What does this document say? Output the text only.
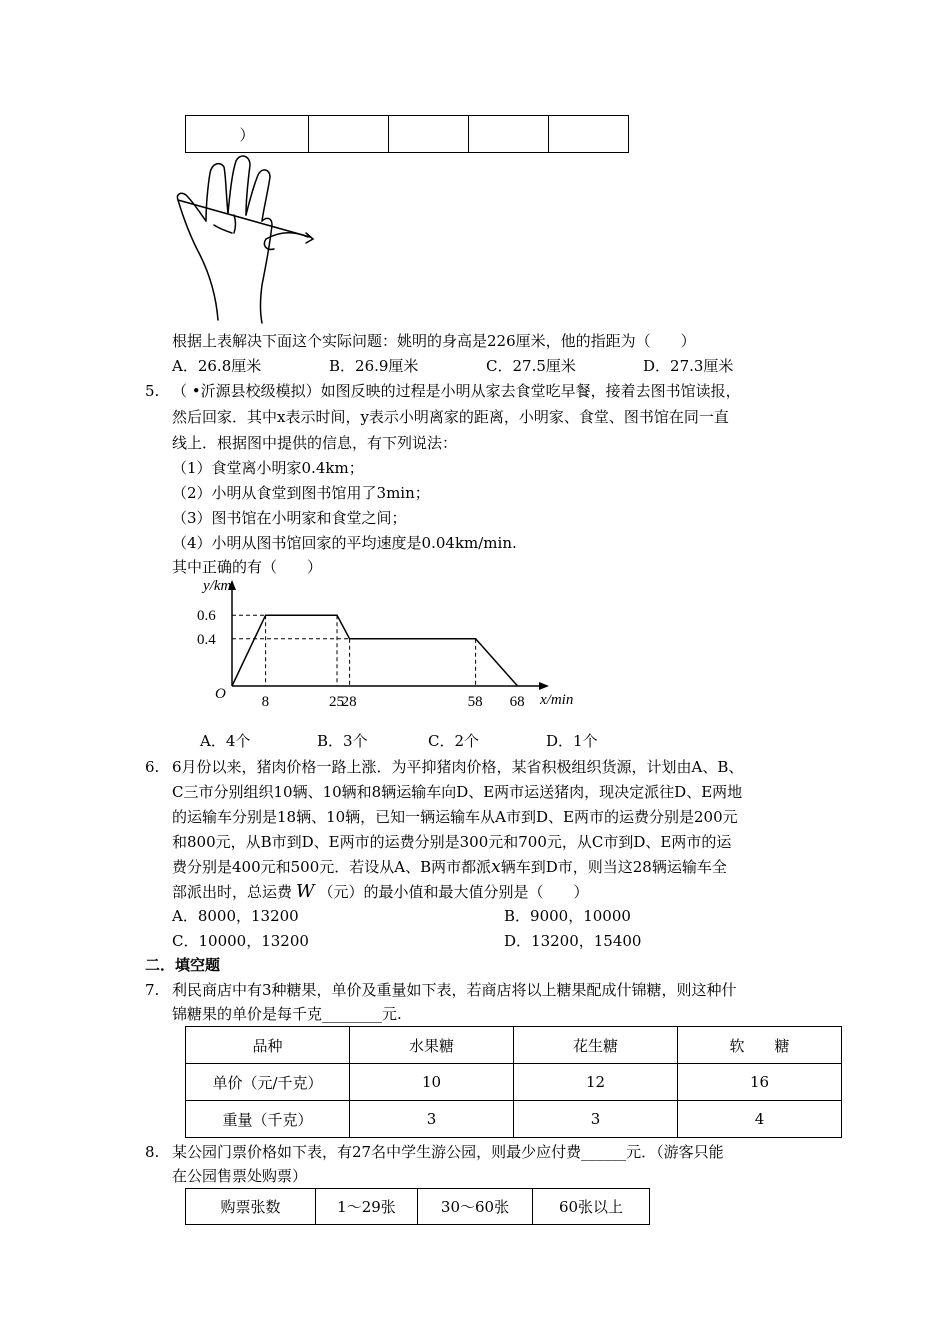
）				
根据上表解决下面这个实际问题：姚明的身高是226厘米，他的指距为（　　）
A．26.8厘米	B．26.9厘米	C．27.5厘米	D．27.3厘米
5. （ •沂源县校级模拟）如图反映的过程是小明从家去食堂吃早餐，接着去图书馆读报，
然后回家．其中x表示时间，y表示小明离家的距离，小明家、食堂、图书馆在同一直
线上．根据图中提供的信息，有下列说法：
（1）食堂离小明家0.4km；
（2）小明从食堂到图书馆用了3min；
（3）图书馆在小明家和食堂之间；
（4）小明从图书馆回家的平均速度是0.04km/min.
其中正确的有（　　）
8	25
28	58 68
0.6
0.4
O
y/km
x/min
A．4个	B．3个	C．2个	D．1个
6. 6月份以来，猪肉价格一路上涨．为平抑猪肉价格，某省积极组织货源，计划由A、B、
C三市分别组织10辆、10辆和8辆运输车向D、E两市运送猪肉，现决定派往D、E两地
的运输车分别是18辆、10辆，已知一辆运输车从A市到D、E两市的运费分别是200元
和800元，从B市到D、E两市的运费分别是300元和700元，从C市到D、E两市的运
费分别是400元和500元．若设从A、B两市都派x辆车到D市，则当这28辆运输车全
部派出时，总运费 W （元）的最小值和最大值分别是（　　）
A．8000，13200	B．9000，10000
C．10000，13200	D．13200，15400
二．填空题
7. 利民商店中有3种糖果，单价及重量如下表，若商店将以上糖果配成什锦糖，则这种什
锦糖果的单价是每千克________元.
品种	水果糖	花生糖	软　　糖
单价（元/千克）	10	12	16
重量（千克）	3	3	4
8. 某公园门票价格如下表，有27名中学生游公园，则最少应付费______元．（游客只能
在公园售票处购票）
购票张数	1～29张	30～60张	60张以上
